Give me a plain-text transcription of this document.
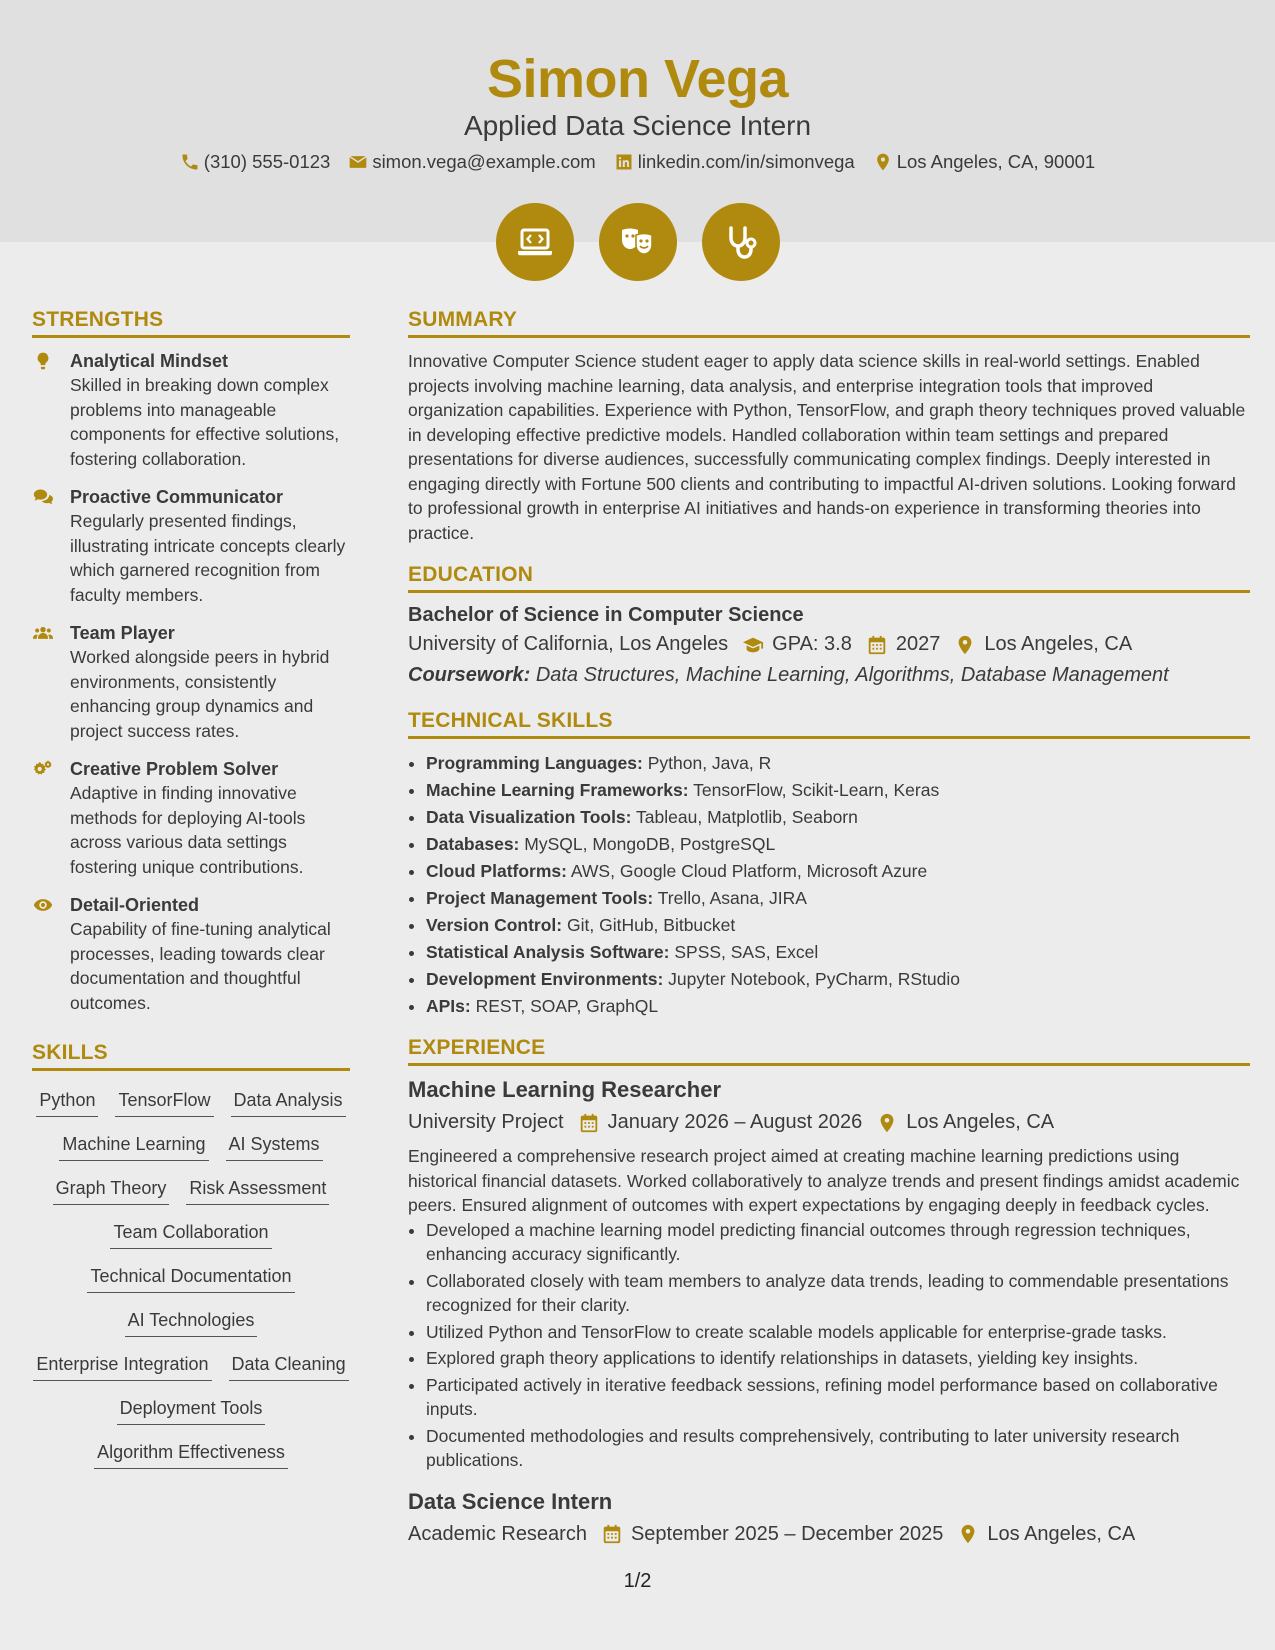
Simon Vega
Applied Data Science Intern
(310) 555-0123 simon.vega@example.com linkedin.com/in/simonvega Los Angeles, CA, 90001
STRENGTHS
Analytical Mindset
Skilled in breaking down complex problems into manageable components for effective solutions, fostering collaboration.
Proactive Communicator
Regularly presented findings, illustrating intricate concepts clearly which garnered recognition from faculty members.
Team Player
Worked alongside peers in hybrid environments, consistently enhancing group dynamics and project success rates.
Creative Problem Solver
Adaptive in finding innovative methods for deploying AI-tools across various data settings fostering unique contributions.
Detail-Oriented
Capability of fine-tuning analytical processes, leading towards clear documentation and thoughtful outcomes.
SKILLS
Python TensorFlow Data Analysis
Machine Learning AI Systems
Graph Theory Risk Assessment
Team Collaboration
Technical Documentation
AI Technologies
Enterprise Integration Data Cleaning
Deployment Tools
Algorithm Effectiveness
SUMMARY
Innovative Computer Science student eager to apply data science skills in real-world settings. Enabled projects involving machine learning, data analysis, and enterprise integration tools that improved organization capabilities. Experience with Python, TensorFlow, and graph theory techniques proved valuable in developing effective predictive models. Handled collaboration within team settings and prepared presentations for diverse audiences, successfully communicating complex findings. Deeply interested in engaging directly with Fortune 500 clients and contributing to impactful AI-driven solutions. Looking forward to professional growth in enterprise AI initiatives and hands-on experience in transforming theories into practice.
EDUCATION
Bachelor of Science in Computer Science
University of California, Los Angeles GPA: 3.8 2027 Los Angeles, CA
Coursework: Data Structures, Machine Learning, Algorithms, Database Management
TECHNICAL SKILLS
• Programming Languages: Python, Java, R
• Machine Learning Frameworks: TensorFlow, Scikit-Learn, Keras
• Data Visualization Tools: Tableau, Matplotlib, Seaborn
• Databases: MySQL, MongoDB, PostgreSQL
• Cloud Platforms: AWS, Google Cloud Platform, Microsoft Azure
• Project Management Tools: Trello, Asana, JIRA
• Version Control: Git, GitHub, Bitbucket
• Statistical Analysis Software: SPSS, SAS, Excel
• Development Environments: Jupyter Notebook, PyCharm, RStudio
• APIs: REST, SOAP, GraphQL
EXPERIENCE
Machine Learning Researcher
University Project January 2026 – August 2026 Los Angeles, CA
Engineered a comprehensive research project aimed at creating machine learning predictions using historical financial datasets. Worked collaboratively to analyze trends and present findings amidst academic peers. Ensured alignment of outcomes with expert expectations by engaging deeply in feedback cycles.
• Developed a machine learning model predicting financial outcomes through regression techniques, enhancing accuracy significantly.
• Collaborated closely with team members to analyze data trends, leading to commendable presentations recognized for their clarity.
• Utilized Python and TensorFlow to create scalable models applicable for enterprise-grade tasks.
• Explored graph theory applications to identify relationships in datasets, yielding key insights.
• Participated actively in iterative feedback sessions, refining model performance based on collaborative inputs.
• Documented methodologies and results comprehensively, contributing to later university research publications.
Data Science Intern
Academic Research September 2025 – December 2025 Los Angeles, CA
1/2
